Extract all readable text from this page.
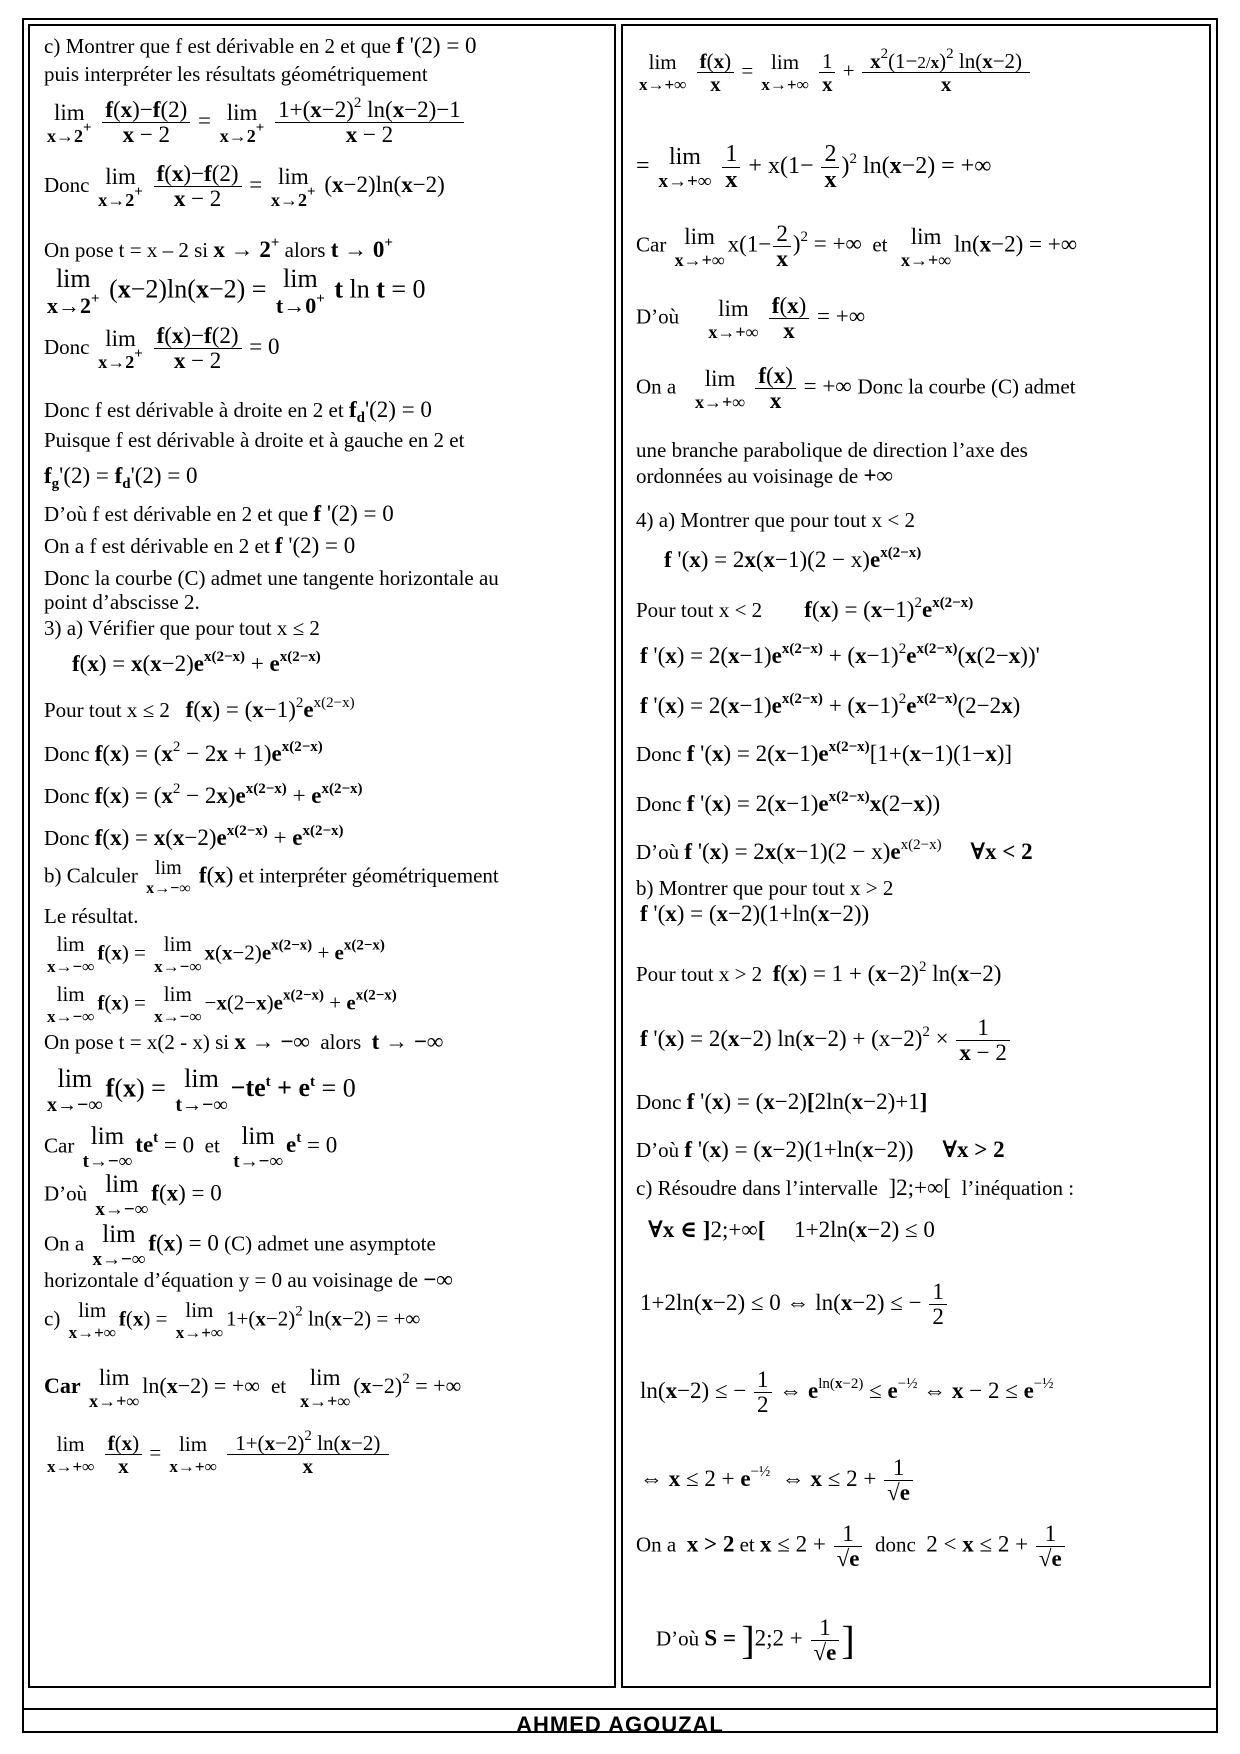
AHMED AGOUZAL
c) Montrer que f est dérivable en 2 et que f '(2) = 0
puis interpréter les résultats géométriquement
lim
x→2+
$\frac{f(x)-f(2)}{x - 2} = \lim$
x→2+
$\frac{1+(x-2)^2 \ln(x-2)-1}{x - 2}$
Donc lim
x→2+
$\frac{f(x)-f(2)}{x - 2} = \lim$
x→2+ (x−2)ln(x−2)
On pose t = x – 2 si x → 2+ alors t → 0+
lim
x→2+ (x−2)ln(x−2) = lim
t→0+ t ln t = 0
Donc lim
x→2+
$\frac{f(x)-f(2)}{x - 2} = 0$
Donc f est dérivable à droite en 2 et $f_d'(2) = 0$
Puisque f est dérivable à droite et à gauche en 2 et
$f_g'(2) = f_d'(2) = 0$
D’où f est dérivable en 2 et que f '(2) = 0
On a f est dérivable en 2 et f '(2) = 0
Donc la courbe (C) admet une tangente horizontale au
point d’abscisse 2.
3) a) Vérifier que pour tout x ≤ 2
$f(x) = x(x-2)e^{x(2-x)} + e^{x(2-x)}$
Pour tout x ≤ 2 $f(x) = (x-1)^2e^{x(2-x)}$
Donc $f(x) = (x^2 - 2x + 1)e^{x(2-x)}$
Donc $f(x) = (x^2 - 2x)e^{x(2-x)} + e^{x(2-x)}$
Donc $f(x) = x(x-2)e^{x(2-x)} + e^{x(2-x)}$
b) Calculer lim
x→−∞
f(x) et interpréter géométriquement
Le résultat.
lim
x→−∞
f(x) = lim
x→−∞
$x(x-2)e^{x(2-x)} + e^{x(2-x)}$
lim
x→−∞
f(x) = lim
x→−∞
$-x(2-x)e^{x(2-x)} + e^{x(2-x)}$
On pose t = x(2 - x) si x → −∞ alors t → −∞
lim
x→−∞
f(x) = lim
t→−∞
$-te^t + e^t = 0$
Car lim
t→−∞
$te^t = 0$ et lim
t→−∞
$e^t = 0$
D’où lim
x→−∞
f(x) = 0
On a lim
x→−∞
f(x) = 0 (C) admet une asymptote
horizontale d’équation y = 0 au voisinage de −∞
c) lim
x→+∞
f(x) = lim
x→+∞
$1+(x-2)^2$ ln(x−2) = +∞
Car lim
x→+∞
ln(x−2) = +∞  et	lim
x→+∞
$(x-2)^2$ = +∞
lim
x→+∞
$\frac{f(x)}{x} = \lim$
x→+∞
$\frac{1+(x-2)^2 \ln(x-2)}{x}$
lim
x→+∞
$\frac{f(x)}{x} = \lim$
x→+∞
$\frac{1}{x} + \frac{x^2(1-2/x)^2 \ln(x-2)}{x}$
= lim
x→+∞
$\frac{1}{x} + x(1- \frac{2}{x} )^2$ ln(x−2) = +∞
Car lim
x→+∞
$x(1- \frac{2}{x} )^2$ = +∞ et	lim
x→+∞
ln(x−2) = +∞
D’où	lim
x→+∞
$\frac{f(x)}{x}$ = +∞
On a	lim
x→+∞
$\frac{f(x)}{x}$ = +∞ Donc la courbe (C) admet
une branche parabolique de direction l’axe des
ordonnées au voisinage de +∞
4) a) Montrer que pour tout x < 2
f '$(x) = 2x(x-1)(2 - x)e^{x(2-x)}$
Pour tout x < 2 $f(x) = (x-1)^2e^{x(2-x)}$
f '$(x) = 2(x-1)e^{x(2-x)} + (x-1)^2e^{x(2-x)}(x(2-x))$'
f '$(x) = 2(x-1)e^{x(2-x)} + (x-1)^2e^{x(2-x)}(2-2x)$
Donc f '$(x) = 2(x-1)e^{x(2-x)}[1+(x-1)(1-x)]$
Donc f '$(x) = 2(x-1)e^{x(2-x)}x(2-x)$)
D’où f '$(x) = 2x(x-1)(2 - x)e^{x(2-x)}$ ∀x < 2
b) Montrer que pour tout x > 2
f '(x) = (x−2)(1+ln(x−2))
Pour tout x > 2 $f(x) = 1 + (x-2)^2$ ln(x−2)
f '(x) = 2(x−2) $\ln(x-2) + (x-2)^2 \times \frac{1}{x - 2}$
Donc f '(x) = (x−2)[2ln(x−2)+1]
D’où f '(x) = (x−2)(1+ln(x−2))     ∀x > 2
c) Résoudre dans l’intervalle ]2;+∞[ l’inéquation :
∀x ∈ ]2;+∞[     1+2ln(x−2) ≤ 0
1+2ln(x−2) ≤ 0 ⇔ ln(x−2) ≤ − $\frac{1}{2}$
ln(x−2) ≤ − $\frac{1}{2}$ ⇔ $e^{ln(x-2)} \le e^{-\frac{1}{2}}$ ⇔ $x - 2 \le e^{-\frac{1}{2}}$
⇔ $x \le 2 + e^{-\frac{1}{2}}$  ⇔ $x \le 2 + \frac{1}{√e}$
On a x > 2 et $x \le 2 + \frac{1}{√e}$ donc $2 < x \le 2 + \frac{1}{√e}$
D’où S = ]2;2 + $\frac{1}{√e}$ ]
